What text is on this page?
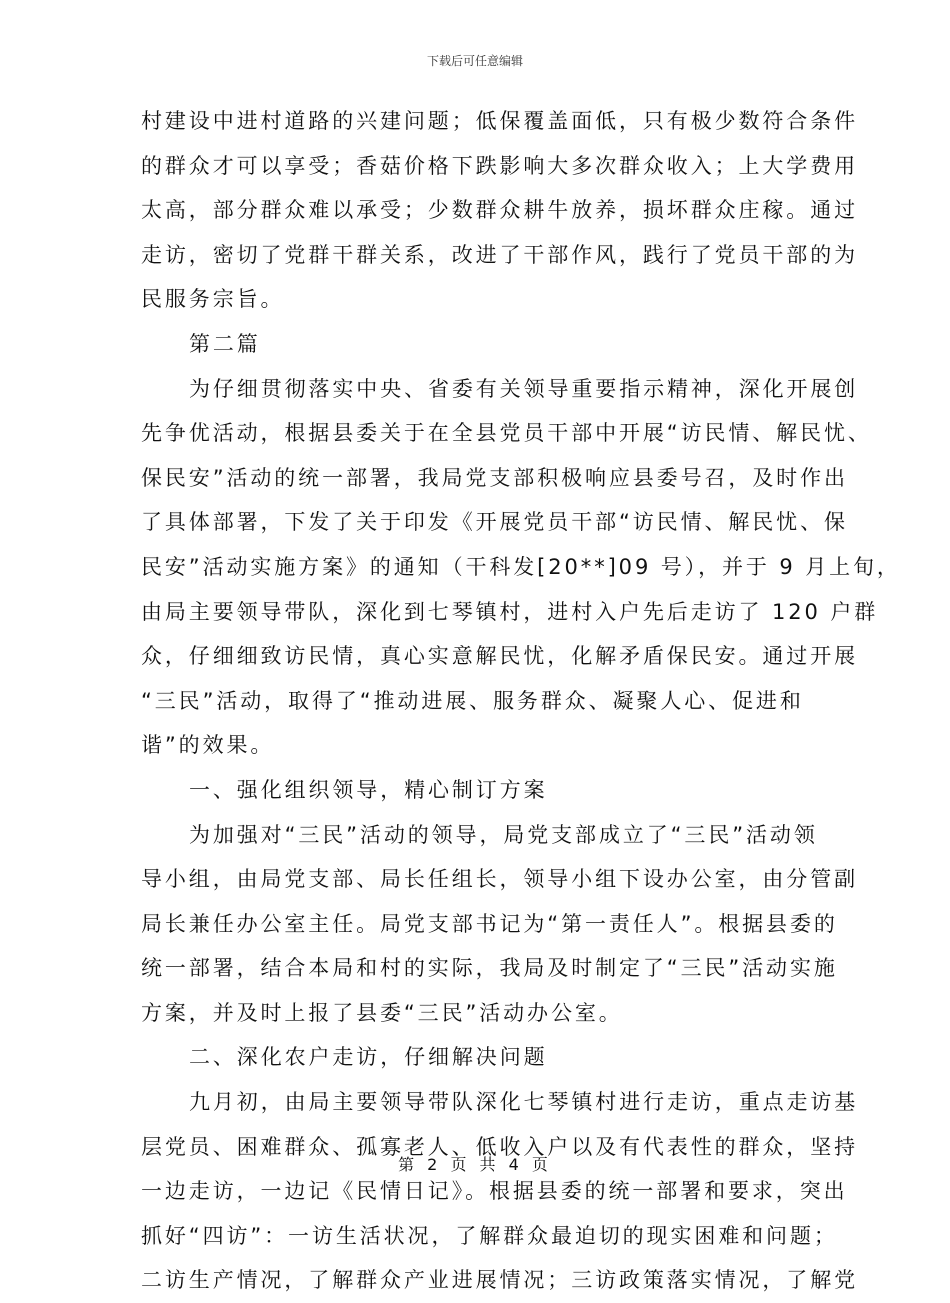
下载后可任意编辑
村建设中进村道路的兴建问题；低保覆盖面低，只有极少数符合条件
的群众才可以享受；香菇价格下跌影响大多次群众收入；上大学费用
太高，部分群众难以承受；少数群众耕牛放养，损坏群众庄稼。通过
走访，密切了党群干群关系，改进了干部作风，践行了党员干部的为
民服务宗旨。
第二篇
为仔细贯彻落实中央、省委有关领导重要指示精神，深化开展创
先争优活动，根据县委关于在全县党员干部中开展“访民情、解民忧、
保民安”活动的统一部署，我局党支部积极响应县委号召，及时作出
了具体部署，下发了关于印发《开展党员干部“访民情、解民忧、保
民安”活动实施方案》的通知（干科发[20**]09 号），并于 9 月上旬，
由局主要领导带队，深化到七琴镇村，进村入户先后走访了 120 户群
众，仔细细致访民情，真心实意解民忧，化解矛盾保民安。通过开展
“三民”活动，取得了“推动进展、服务群众、凝聚人心、促进和
谐”的效果。
一、强化组织领导，精心制订方案
为加强对“三民”活动的领导，局党支部成立了“三民”活动领
导小组，由局党支部、局长任组长，领导小组下设办公室，由分管副
局长兼任办公室主任。局党支部书记为“第一责任人”。根据县委的
统一部署，结合本局和村的实际，我局及时制定了“三民”活动实施
方案，并及时上报了县委“三民”活动办公室。
二、深化农户走访，仔细解决问题
九月初，由局主要领导带队深化七琴镇村进行走访，重点走访基
层党员、困难群众、孤寡老人、低收入户以及有代表性的群众，坚持
一边走访，一边记《民情日记》。根据县委的统一部署和要求，突出
抓好“四访”：一访生活状况，了解群众最迫切的现实困难和问题；
二访生产情况，了解群众产业进展情况；三访政策落实情况，了解党
第 2 页 共 4 页
